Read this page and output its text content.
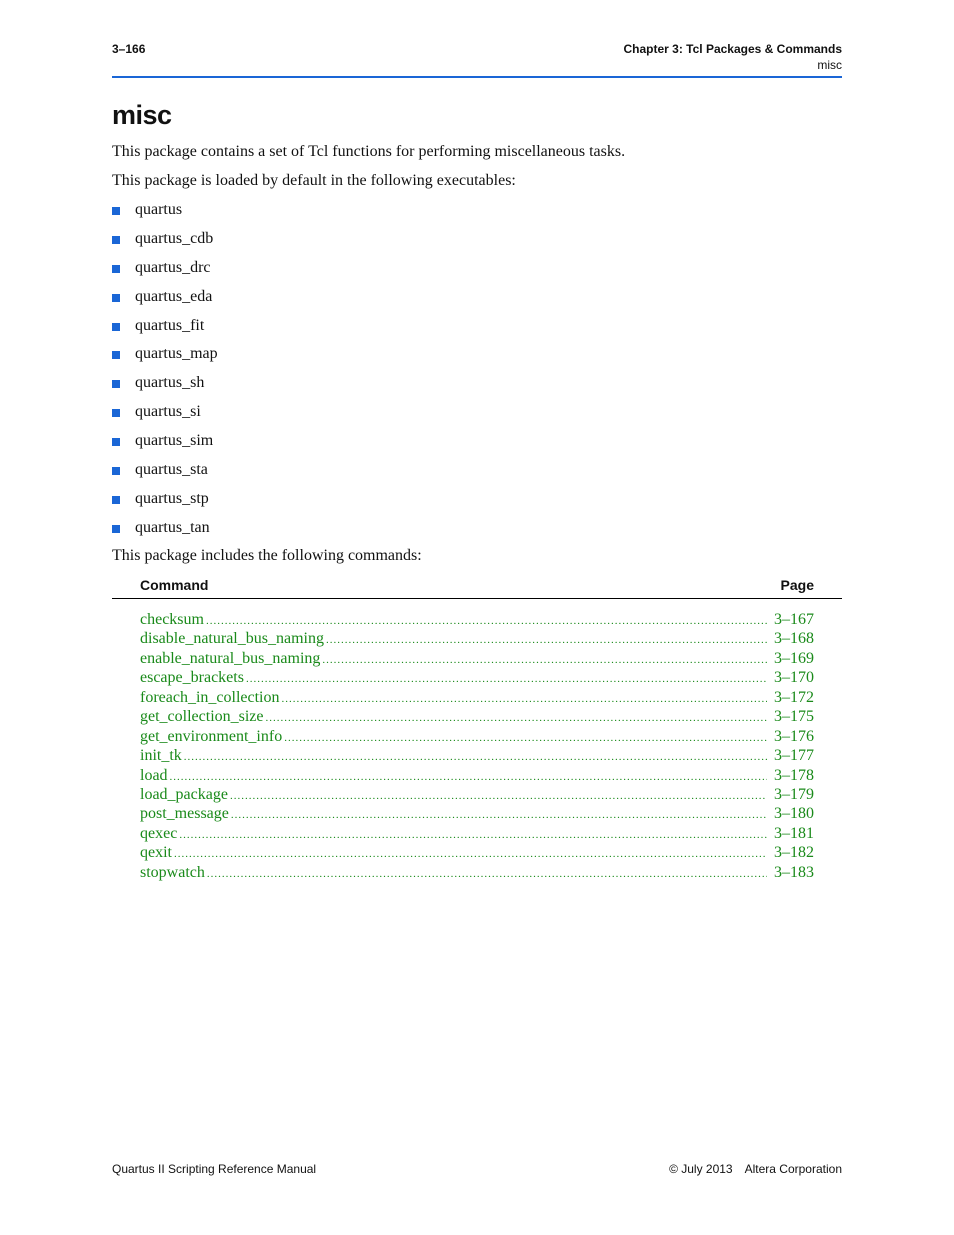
3–166	Chapter 3: Tcl Packages & Commands
misc
misc
This package contains a set of Tcl functions for performing miscellaneous tasks.
This package is loaded by default in the following executables:
quartus
quartus_cdb
quartus_drc
quartus_eda
quartus_fit
quartus_map
quartus_sh
quartus_si
quartus_sim
quartus_sta
quartus_stp
quartus_tan
This package includes the following commands:
Command	Page
checksum .....	3–167
disable_natural_bus_naming .....	3–168
enable_natural_bus_naming .....	3–169
escape_brackets .....	3–170
foreach_in_collection .....	3–172
get_collection_size .....	3–175
get_environment_info .....	3–176
init_tk .....	3–177
load .....	3–178
load_package .....	3–179
post_message .....	3–180
qexec .....	3–181
qexit .....	3–182
stopwatch .....	3–183
Quartus II Scripting Reference Manual	© July 2013 Altera Corporation
